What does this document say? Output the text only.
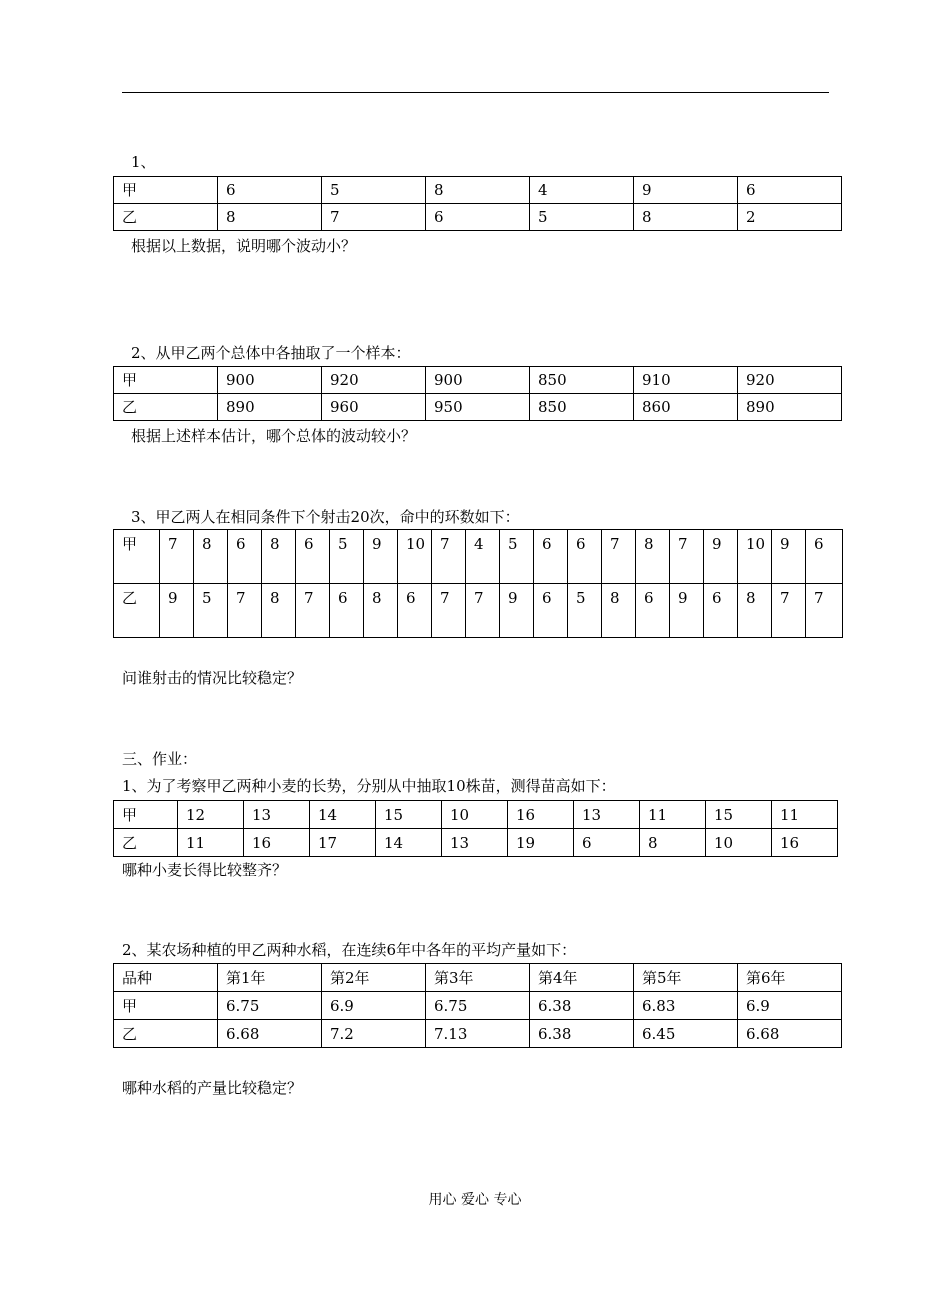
1、
甲	6	5	8	4	9	6
乙	8	7	6	5	8	2
根据以上数据，说明哪个波动小？
2、从甲乙两个总体中各抽取了一个样本：
甲	900	920	900	850	910	920
乙	890	960	950	850	860	890
根据上述样本估计，哪个总体的波动较小？
3、甲乙两人在相同条件下个射击20次，命中的环数如下：
甲	7	8	6	8	6	5	9	10	7	4	5	6	6	7	8	7	9	10	9	6
乙	9	5	7	8	7	6	8	6	7	7	9	6	5	8	6	9	6	8	7	7
问谁射击的情况比较稳定？
三、作业：
1、为了考察甲乙两种小麦的长势，分别从中抽取10株苗，测得苗高如下：
甲	12	13	14	15	10	16	13	11	15	11
乙	11	16	17	14	13	19	6	8	10	16
哪种小麦长得比较整齐？
2、某农场种植的甲乙两种水稻，在连续6年中各年的平均产量如下：
品种	第1年	第2年	第3年	第4年	第5年	第6年
甲	6.75	6.9	6.75	6.38	6.83	6.9
乙	6.68	7.2	7.13	6.38	6.45	6.68
哪种水稻的产量比较稳定？
用心 爱心 专心
